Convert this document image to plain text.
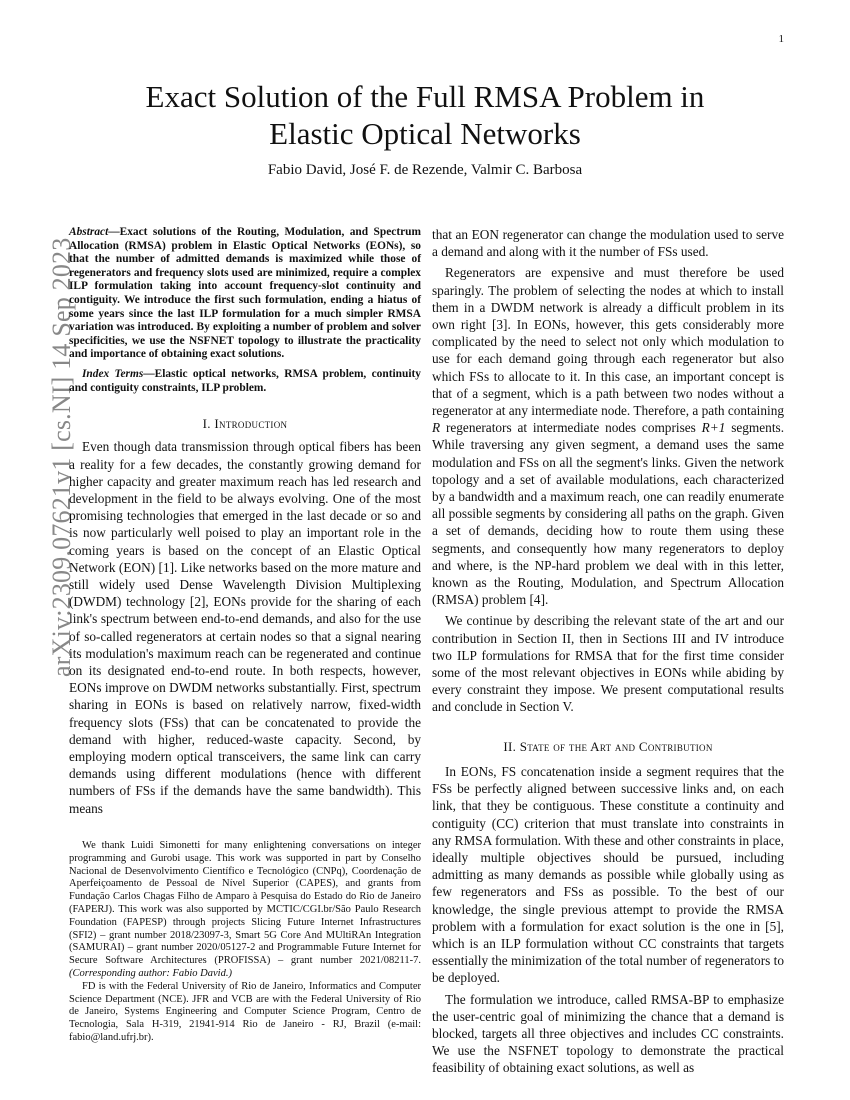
1
arXiv:2309.07621v1 [cs.NI] 14 Sep 2023
Exact Solution of the Full RMSA Problem in
Elastic Optical Networks
Fabio David, José F. de Rezende, Valmir C. Barbosa

Abstract—Exact solutions of the Routing, Modulation, and Spectrum Allocation (RMSA) problem in Elastic Optical Networks (EONs), so that the number of admitted demands is maximized while those of regenerators and frequency slots used are minimized, require a complex ILP formulation taking into account frequency-slot continuity and contiguity. We introduce the first such formulation, ending a hiatus of some years since the last ILP formulation for a much simpler RMSA variation was introduced. By exploiting a number of problem and solver specificities, we use the NSFNET topology to illustrate the practicality and importance of obtaining exact solutions.

Index Terms—Elastic optical networks, RMSA problem, continuity and contiguity constraints, ILP problem.

I. Introduction

Even though data transmission through optical fibers has been a reality for a few decades, the constantly growing demand for higher capacity and greater maximum reach has led research and development in the field to be always evolving. One of the most promising technologies that emerged in the last decade or so and is now particularly well poised to play an important role in the coming years is based on the concept of an Elastic Optical Network (EON) [1]. Like networks based on the more mature and still widely used Dense Wavelength Division Multiplexing (DWDM) technology [2], EONs provide for the sharing of each link's spectrum between end-to-end demands, and also for the use of so-called regenerators at certain nodes so that a signal nearing its modulation's maximum reach can be regenerated and continue on its designated end-to-end route. In both respects, however, EONs improve on DWDM networks substantially. First, spectrum sharing in EONs is based on relatively narrow, fixed-width frequency slots (FSs) that can be concatenated to provide the demand with higher, reduced-waste capacity. Second, by employing modern optical transceivers, the same link can carry demands using different modulations (hence with different numbers of FSs if the demands have the same bandwidth). This means

We thank Luidi Simonetti for many enlightening conversations on integer programming and Gurobi usage. This work was supported in part by Conselho Nacional de Desenvolvimento Científico e Tecnológico (CNPq), Coordenação de Aperfeiçoamento de Pessoal de Nível Superior (CAPES), and grants from Fundação Carlos Chagas Filho de Amparo à Pesquisa do Estado do Rio de Janeiro (FAPERJ). This work was also supported by MCTIC/CGI.br/São Paulo Research Foundation (FAPESP) through projects Slicing Future Internet Infrastructures (SFI2) – grant number 2018/23097-3, Smart 5G Core And MUltiRAn Integration (SAMURAI) – grant number 2020/05127-2 and Programmable Future Internet for Secure Software Architectures (PROFISSA) – grant number 2021/08211-7. (Corresponding author: Fabio David.)

FD is with the Federal University of Rio de Janeiro, Informatics and Computer Science Department (NCE). JFR and VCB are with the Federal University of Rio de Janeiro, Systems Engineering and Computer Science Program, Centro de Tecnologia, Sala H-319, 21941-914 Rio de Janeiro - RJ, Brazil (e-mail: fabio@land.ufrj.br).

that an EON regenerator can change the modulation used to serve a demand and along with it the number of FSs used.

Regenerators are expensive and must therefore be used sparingly. The problem of selecting the nodes at which to install them in a DWDM network is already a difficult problem in its own right [3]. In EONs, however, this gets considerably more complicated by the need to select not only which modulation to use for each demand going through each regenerator but also which FSs to allocate to it. In this case, an important concept is that of a segment, which is a path between two nodes without a regenerator at any intermediate node. Therefore, a path containing R regenerators at intermediate nodes comprises R+1 segments. While traversing any given segment, a demand uses the same modulation and FSs on all the segment's links. Given the network topology and a set of available modulations, each characterized by a bandwidth and a maximum reach, one can readily enumerate all possible segments by considering all paths on the graph. Given a set of demands, deciding how to route them using these segments, and consequently how many regenerators to deploy and where, is the NP-hard problem we deal with in this letter, known as the Routing, Modulation, and Spectrum Allocation (RMSA) problem [4].

We continue by describing the relevant state of the art and our contribution in Section II, then in Sections III and IV introduce two ILP formulations for RMSA that for the first time consider some of the most relevant objectives in EONs while abiding by every constraint they impose. We present computational results and conclude in Section V.

II. State of the Art and Contribution

In EONs, FS concatenation inside a segment requires that the FSs be perfectly aligned between successive links and, on each link, that they be contiguous. These constitute a continuity and contiguity (CC) criterion that must translate into constraints in any RMSA formulation. With these and other constraints in place, ideally multiple objectives should be pursued, including admitting as many demands as possible while globally using as few regenerators and FSs as possible. To the best of our knowledge, the single previous attempt to provide the RMSA problem with a formulation for exact solution is the one in [5], which is an ILP formulation without CC constraints that targets essentially the minimization of the total number of regenerators to be deployed.

The formulation we introduce, called RMSA-BP to emphasize the user-centric goal of minimizing the chance that a demand is blocked, targets all three objectives and includes CC constraints. We use the NSFNET topology to demonstrate the practical feasibility of obtaining exact solutions, as well as
